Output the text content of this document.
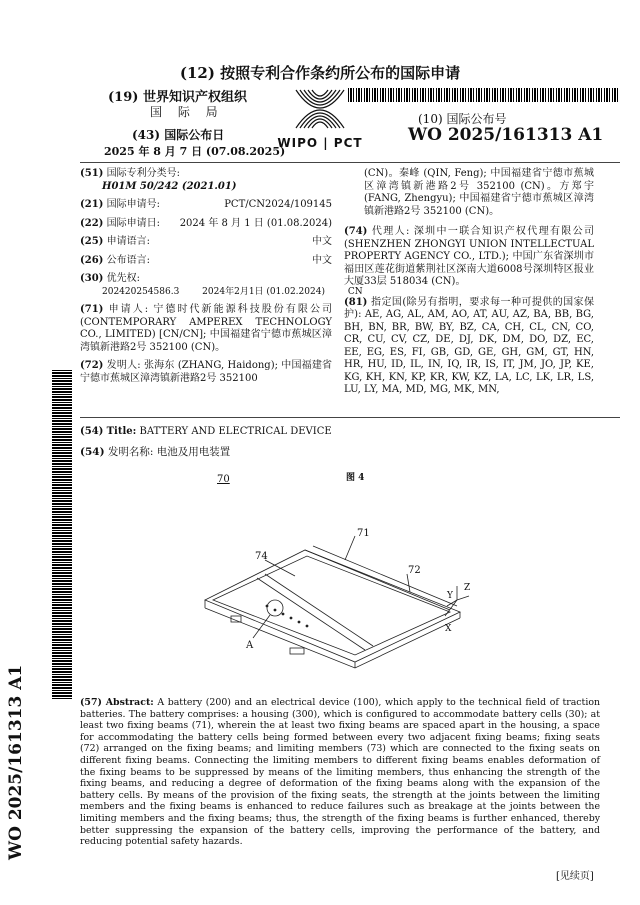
(12) 按照专利合作条约所公布的国际申请
(19) 世界知识产权组织
国 际 局
(43) 国际公布日
2025 年 8 月 7 日 (07.08.2025)
WIPO | PCT
(10) 国际公布号
WO 2025/161313 A1
(51) 国际专利分类号:
H01M 50/242 (2021.01)
(21) 国际申请号:	PCT/CN2024/109145
(22) 国际申请日: 2024 年 8 月 1 日 (01.08.2024)
(25) 申请语言:	中文
(26) 公布语言:	中文
(30) 优先权:
202420254586.3        2024年2月1日 (01.02.2024)        CN
(71) 申请人: 宁德时代新能源科技股份有限公司 (CONTEMPORARY AMPEREX TECHNOLOGY CO., LIMITED) [CN/CN]; 中国福建省宁德市蕉城区漳湾镇新港路2号 352100 (CN)。
(72) 发明人: 张海东 (ZHANG, Haidong); 中国福建省宁德市蕉城区漳湾镇新港路2号 352100
(CN)。秦峰 (QIN, Feng); 中国福建省宁德市蕉城区漳湾镇新港路2号 352100 (CN)。方郑宇 (FANG, Zhengyu); 中国福建省宁德市蕉城区漳湾镇新港路2号 352100 (CN)。
(74) 代理人: 深圳中一联合知识产权代理有限公司 (SHENZHEN ZHONGYI UNION INTELLECTUAL PROPERTY AGENCY CO., LTD.); 中国广东省深圳市福田区莲花街道紫荆社区深南大道6008号深圳特区报业大厦33层 518034 (CN)。
(81) 指定国(除另有指明，要求每一种可提供的国家保护): AE, AG, AL, AM, AO, AT, AU, AZ, BA, BB, BG, BH, BN, BR, BW, BY, BZ, CA, CH, CL, CN, CO, CR, CU, CV, CZ, DE, DJ, DK, DM, DO, DZ, EC, EE, EG, ES, FI, GB, GD, GE, GH, GM, GT, HN, HR, HU, ID, IL, IN, IQ, IR, IS, IT, JM, JO, JP, KE, KG, KH, KN, KP, KR, KW, KZ, LA, LC, LK, LR, LS, LU, LY, MA, MD, MG, MK, MN,
(54) Title: BATTERY AND ELECTRICAL DEVICE
(54) 发明名称: 电池及用电装置
图 4
70
74
71
72
A
Y
Z
X
(57) Abstract: A battery (200) and an electrical device (100), which apply to the technical field of traction batteries. The battery comprises: a housing (300), which is configured to accommodate battery cells (30); at least two fixing beams (71), wherein the at least two fixing beams are spaced apart in the housing, a space for accommodating the battery cells being formed between every two adjacent fixing beams; fixing seats (72) arranged on the fixing beams; and limiting members (73) which are connected to the fixing seats on different fixing beams. Connecting the limiting members to different fixing beams enables deformation of the fixing beams to be suppressed by means of the limiting members, thus enhancing the strength of the fixing beams, and reducing a degree of deformation of the fixing beams along with the expansion of the battery cells. By means of the provision of the fixing seats, the strength at the joints between the limiting members and the fixing beams is enhanced to reduce failures such as breakage at the joints between the limiting members and the fixing beams; thus, the strength of the fixing beams is further enhanced, thereby better suppressing the expansion of the battery cells, improving the performance of the battery, and reducing potential safety hazards.
WO 2025/161313 A1
[见续页]
